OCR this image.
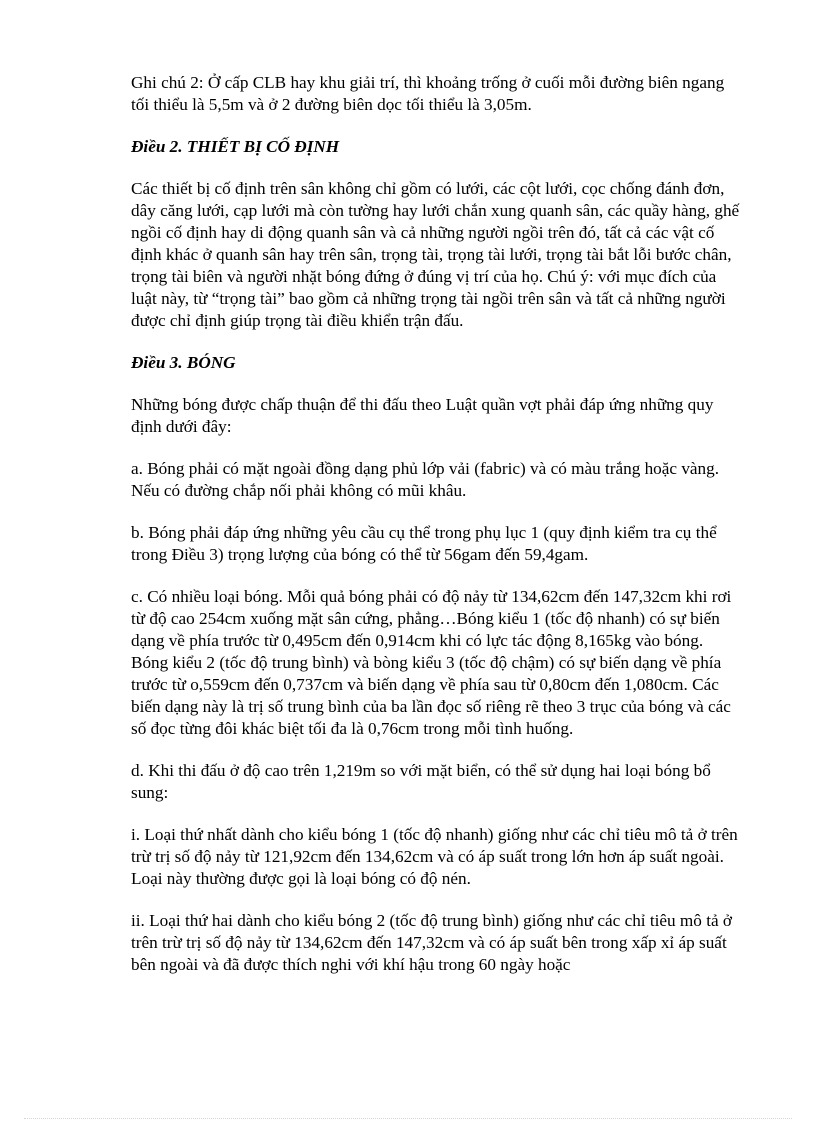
Ghi chú 2: Ở cấp CLB hay khu giải trí, thì khoảng trống ở cuối mỗi đường biên ngang tối thiểu là 5,5m và ở 2 đường biên dọc tối thiểu là 3,05m.

Điều 2. THIẾT BỊ CỐ ĐỊNH

Các thiết bị cố định trên sân không chỉ gồm có lưới, các cột lưới, cọc chống đánh đơn, dây căng lưới, cạp lưới mà còn tường hay lưới chắn xung quanh sân, các quầy hàng, ghế ngồi cố định hay di động quanh sân và cả những người ngồi trên đó, tất cả các vật cố định khác ở quanh sân hay trên sân, trọng tài, trọng tài lưới, trọng tài bắt lỗi bước chân, trọng tài biên và người nhặt bóng đứng ở đúng vị trí của họ. Chú ý: với mục đích của luật này, từ “trọng tài” bao gồm cả những trọng tài ngồi trên sân và tất cả những người được chỉ định giúp trọng tài điều khiển trận đấu.

Điều 3. BÓNG

Những bóng được chấp thuận để thi đấu theo Luật quần vợt phải đáp ứng những quy định dưới đây:

a. Bóng phải có mặt ngoài đồng dạng phủ lớp vải (fabric) và có màu trắng hoặc vàng. Nếu có đường chắp nối phải không có mũi khâu.

b. Bóng phải đáp ứng những yêu cầu cụ thể trong phụ lục 1 (quy định kiểm tra cụ thể trong Điều 3) trọng lượng của bóng có thể từ 56gam đến 59,4gam.

c. Có nhiều loại bóng. Mỗi quả bóng phải có độ nảy từ 134,62cm đến 147,32cm khi rơi từ độ cao 254cm xuống mặt sân cứng, phẳng…Bóng kiểu 1 (tốc độ nhanh) có sự biến dạng về phía trước từ 0,495cm đến 0,914cm khi có lực tác động 8,165kg vào bóng. Bóng kiểu 2 (tốc độ trung bình) và bòng kiểu 3 (tốc độ chậm) có sự biến dạng về phía trước từ o,559cm đến 0,737cm và biến dạng về phía sau từ 0,80cm đến 1,080cm. Các biến dạng này là trị số trung bình của ba lần đọc số riêng rẽ theo 3 trục của bóng và các số đọc từng đôi khác biệt tối đa là 0,76cm trong mỗi tình huống.

d. Khi thi đấu ở độ cao trên 1,219m so với mặt biển, có thể sử dụng hai loại bóng bổ sung:

i. Loại thứ nhất dành cho kiểu bóng 1 (tốc độ nhanh) giống như các chỉ tiêu mô tả ở trên trừ trị số độ nảy từ 121,92cm đến 134,62cm và có áp suất trong lớn hơn áp suất ngoài. Loại này thường được gọi là loại bóng có độ nén.

ii. Loại thứ hai dành cho kiểu bóng 2 (tốc độ trung bình) giống như các chỉ tiêu mô tả ở trên trừ trị số độ nảy từ 134,62cm đến 147,32cm và có áp suất bên trong xấp xỉ áp suất bên ngoài và đã được thích nghi với khí hậu trong 60 ngày hoặc
